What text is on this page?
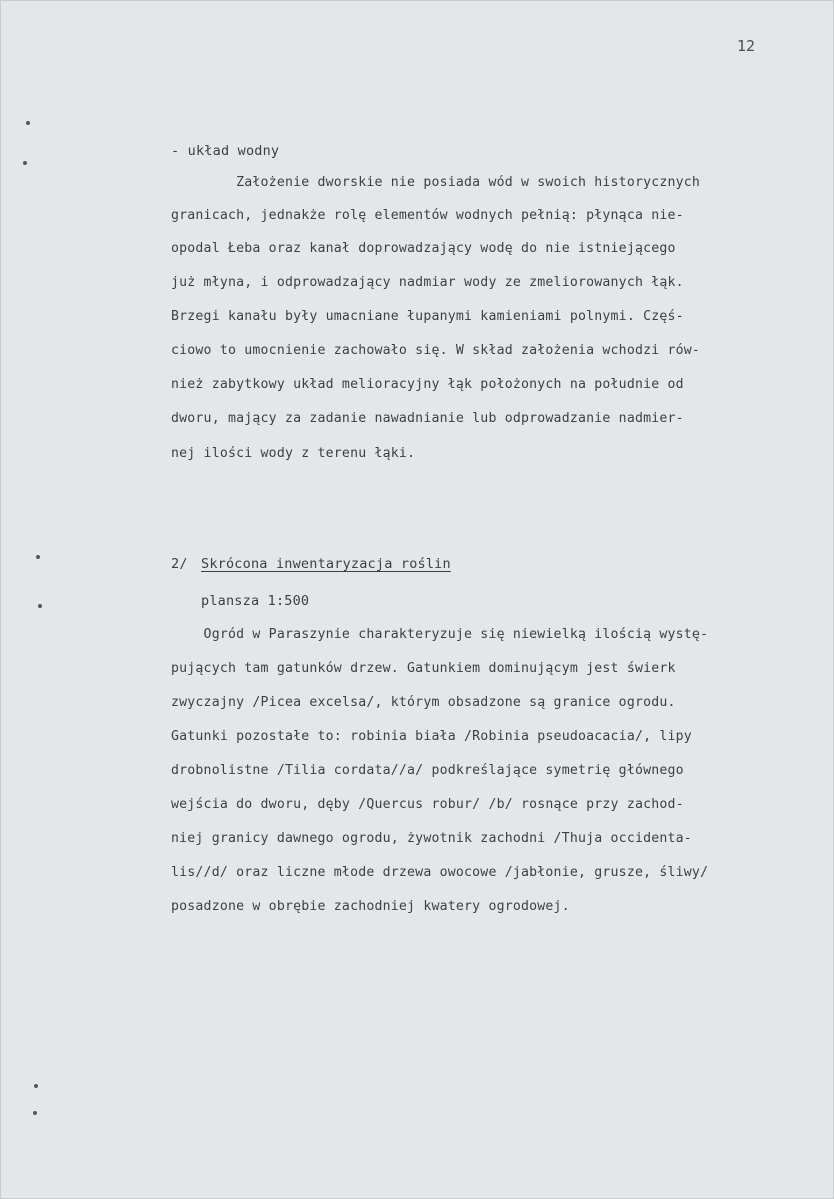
12
- układ wodny
Założenie dworskie nie posiada wód w swoich historycznych
granicach, jednakże rolę elementów wodnych pełnią: płynąca nie-
opodal Łeba oraz kanał doprowadzający wodę do nie istniejącego
już młyna, i odprowadzający nadmiar wody ze zmeliorowanych łąk.
Brzegi kanału były umacniane łupanymi kamieniami polnymi. Częś-
ciowo to umocnienie zachowało się. W skład założenia wchodzi rów-
nież zabytkowy układ melioracyjny łąk położonych na południe od
dworu, mający za zadanie nawadnianie lub odprowadzanie nadmier-
nej ilości wody z terenu łąki.
2/ Skrócona inwentaryzacja roślin
plansza 1:500
Ogród w Paraszynie charakteryzuje się niewielką ilością wystę-
pujących tam gatunków drzew. Gatunkiem dominującym jest świerk
zwyczajny /Picea excelsa/, którym obsadzone są granice ogrodu.
Gatunki pozostałe to: robinia biała /Robinia pseudoacacia/, lipy
drobnolistne /Tilia cordata//a/ podkreślające symetrię głównego
wejścia do dworu, dęby /Quercus robur/ /b/ rosnące przy zachod-
niej granicy dawnego ogrodu, żywotnik zachodni /Thuja occidenta-
lis//d/ oraz liczne młode drzewa owocowe /jabłonie, grusze, śliwy/
posadzone w obrębie zachodniej kwatery ogrodowej.
